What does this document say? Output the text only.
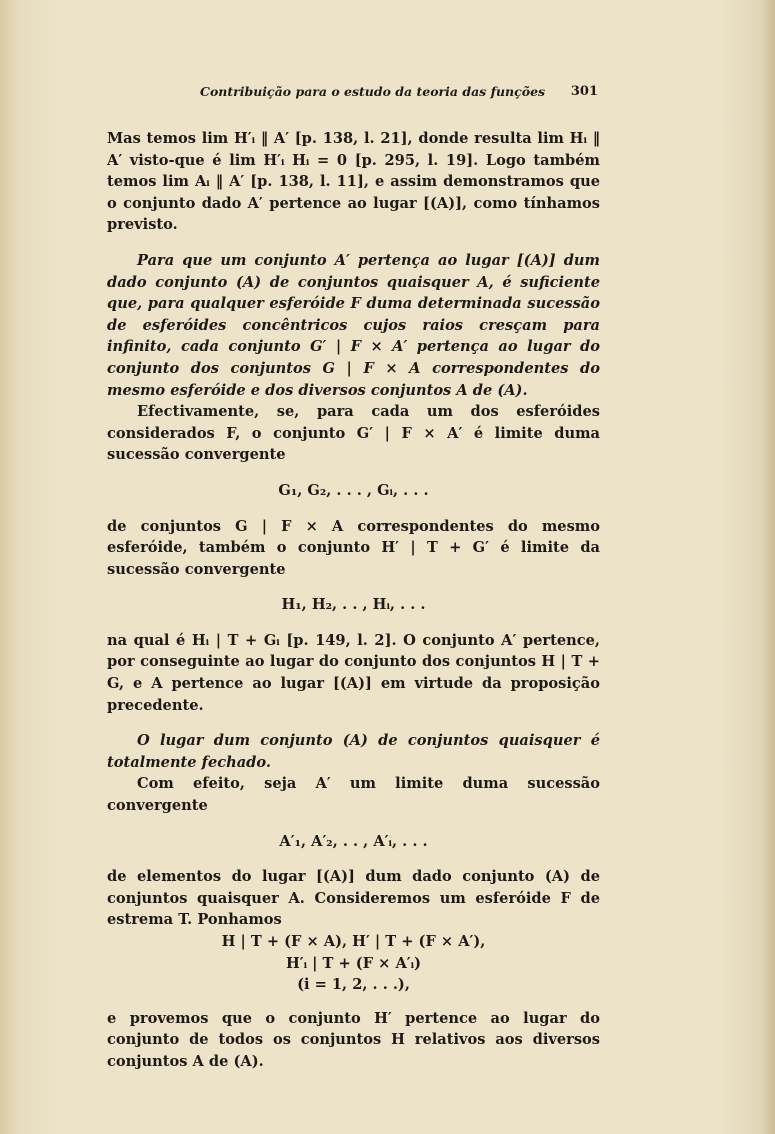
Contribuição para o estudo da teoria das funções 301

Mas temos lim H′ᵢ ‖ A′ [p. 138, l. 21], donde resulta lim Hᵢ ‖ A′ visto-que é lim H′ᵢ Hᵢ = 0 [p. 295, l. 19]. Logo também temos lim Aᵢ ‖ A′ [p. 138, l. 11], e assim demonstramos que o conjunto dado A′ pertence ao lugar [(A)], como tínhamos previsto.

Para que um conjunto A′ pertença ao lugar [(A)] dum dado conjunto (A) de conjuntos quaisquer A, é suficiente que, para qualquer esferóide F duma determinada sucessão de esferóides concêntricos cujos raios cresçam para infinito, cada conjunto G′ | F × A′ pertença ao lugar do conjunto dos conjuntos G | F × A correspondentes do mesmo esferóide e dos diversos conjuntos A de (A).

Efectivamente, se, para cada um dos esferóides considerados F, o conjunto G′ | F × A′ é limite duma sucessão convergente

G₁, G₂, . . . , Gᵢ, . . .

de conjuntos G | F × A correspondentes do mesmo esferóide, também o conjunto H′ | T + G′ é limite da sucessão convergente

H₁, H₂, . . , Hᵢ, . . .

na qual é Hᵢ | T + Gᵢ [p. 149, l. 2]. O conjunto A′ pertence, por conseguinte ao lugar do conjunto dos conjuntos H | T + G, e A pertence ao lugar [(A)] em virtude da proposição precedente.

O lugar dum conjunto (A) de conjuntos quaisquer é totalmente fechado.

Com efeito, seja A′ um limite duma sucessão convergente

A′₁, A′₂, . . , A′ᵢ, . . .

de elementos do lugar [(A)] dum dado conjunto (A) de conjuntos quaisquer A. Consideremos um esferóide F de estrema T. Ponhamos

H | T + (F × A), H′ | T + (F × A′),

H′ᵢ | T + (F × A′ᵢ)

(i = 1, 2, . . .),

e provemos que o conjunto H′ pertence ao lugar do conjunto de todos os conjuntos H relativos aos diversos conjuntos A de (A).
